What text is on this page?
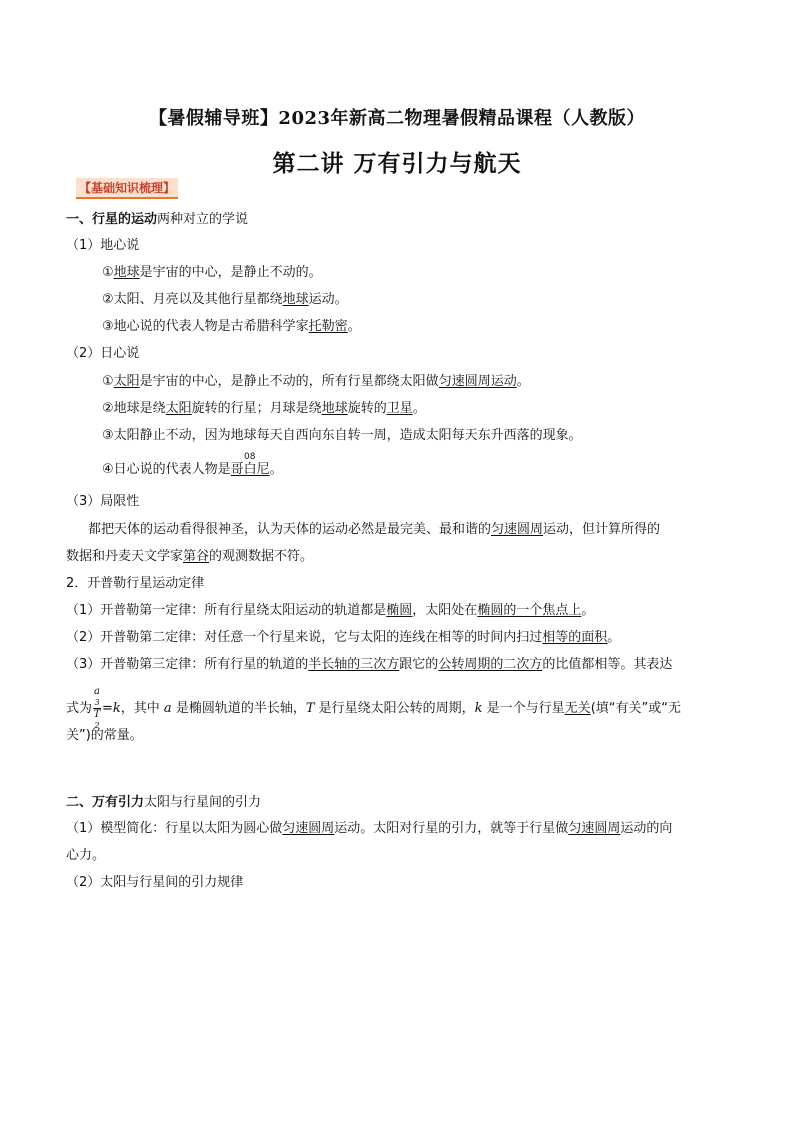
【暑假辅导班】2023年新高二物理暑假精品课程（人教版）
第二讲 万有引力与航天
【基础知识梳理】
一、行星的运动两种对立的学说
（1）地心说
①地球是宇宙的中心，是静止不动的。
②太阳、月亮以及其他行星都绕地球运动。
③地心说的代表人物是古希腊科学家托勒密。
（2）日心说
①太阳是宇宙的中心，是静止不动的，所有行星都绕太阳做匀速圆周运动。
②地球是绕太阳旋转的行星；月球是绕地球旋转的卫星。
③太阳静止不动，因为地球每天自西向东自转一周，造成太阳每天东升西落的现象。
08
④日心说的代表人物是哥白尼。
（3）局限性
都把天体的运动看得很神圣，认为天体的运动必然是最完美、最和谐的匀速圆周运动，但计算所得的
数据和丹麦天文学家第谷的观测数据不符。
2．开普勒行星运动定律
（1）开普勒第一定律：所有行星绕太阳运动的轨道都是椭圆，太阳处在椭圆的一个焦点上。
（2）开普勒第二定律：对任意一个行星来说，它与太阳的连线在相等的时间内扫过相等的面积。
（3）开普勒第三定律：所有行星的轨道的半长轴的三次方跟它的公转周期的二次方的比值都相等。其表达
式为 a
3
T
2 =k，其中 a 是椭圆轨道的半长轴，T 是行星绕太阳公转的周期，k 是一个与行星无关(填“有关”或“无
关”)的常量。
二、万有引力太阳与行星间的引力
（1）模型简化：行星以太阳为圆心做匀速圆周运动。太阳对行星的引力，就等于行星做匀速圆周运动的向
心力。
（2）太阳与行星间的引力规律
